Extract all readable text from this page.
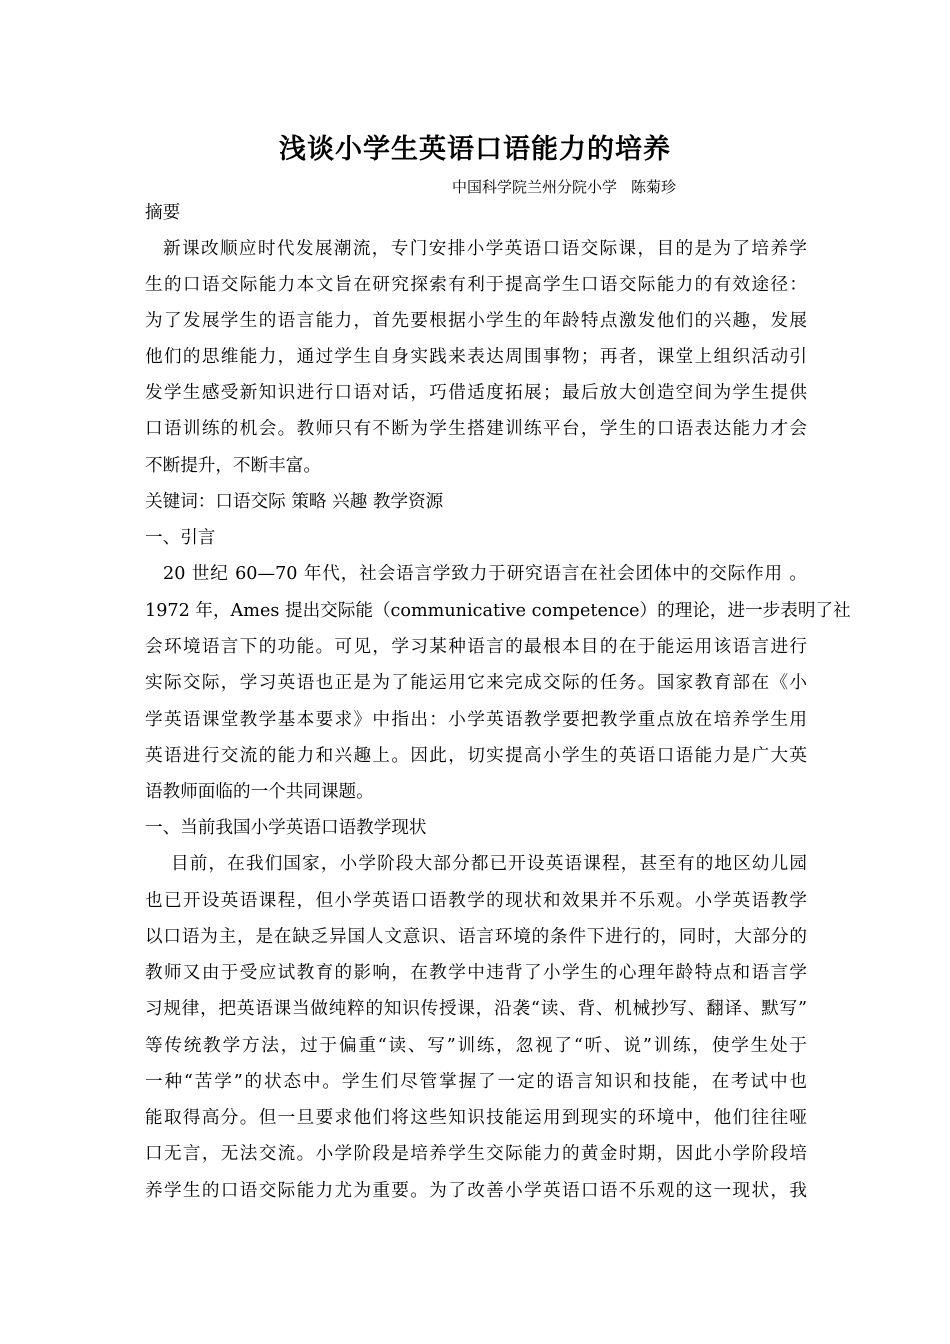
浅谈小学生英语口语能力的培养
中国科学院兰州分院小学 陈菊珍
摘要
新课改顺应时代发展潮流，专门安排小学英语口语交际课，目的是为了培养学
生的口语交际能力本文旨在研究探索有利于提高学生口语交际能力的有效途径：
为了发展学生的语言能力，首先要根据小学生的年龄特点激发他们的兴趣，发展
他们的思维能力，通过学生自身实践来表达周围事物；再者，课堂上组织活动引
发学生感受新知识进行口语对话，巧借适度拓展；最后放大创造空间为学生提供
口语训练的机会。教师只有不断为学生搭建训练平台，学生的口语表达能力才会
不断提升，不断丰富。
关键词：口语交际 策略 兴趣 教学资源
一、引言
20 世纪 60—70 年代，社会语言学致力于研究语言在社会团体中的交际作用 。
1972 年，Ames 提出交际能（communicative competence）的理论，进一步表明了社
会环境语言下的功能。可见，学习某种语言的最根本目的在于能运用该语言进行
实际交际，学习英语也正是为了能运用它来完成交际的任务。国家教育部在《小
学英语课堂教学基本要求》中指出：小学英语教学要把教学重点放在培养学生用
英语进行交流的能力和兴趣上。因此，切实提高小学生的英语口语能力是广大英
语教师面临的一个共同课题。
一、当前我国小学英语口语教学现状
目前，在我们国家，小学阶段大部分都已开设英语课程，甚至有的地区幼儿园
也已开设英语课程，但小学英语口语教学的现状和效果并不乐观。小学英语教学
以口语为主，是在缺乏异国人文意识、语言环境的条件下进行的，同时，大部分的
教师又由于受应试教育的影响，在教学中违背了小学生的心理年龄特点和语言学
习规律，把英语课当做纯粹的知识传授课，沿袭“读、背、机械抄写、翻译、默写”
等传统教学方法，过于偏重“读、写”训练，忽视了“听、说”训练，使学生处于
一种“苦学”的状态中。学生们尽管掌握了一定的语言知识和技能，在考试中也
能取得高分。但一旦要求他们将这些知识技能运用到现实的环境中，他们往往哑
口无言，无法交流。小学阶段是培养学生交际能力的黄金时期，因此小学阶段培
养学生的口语交际能力尤为重要。为了改善小学英语口语不乐观的这一现状，我
